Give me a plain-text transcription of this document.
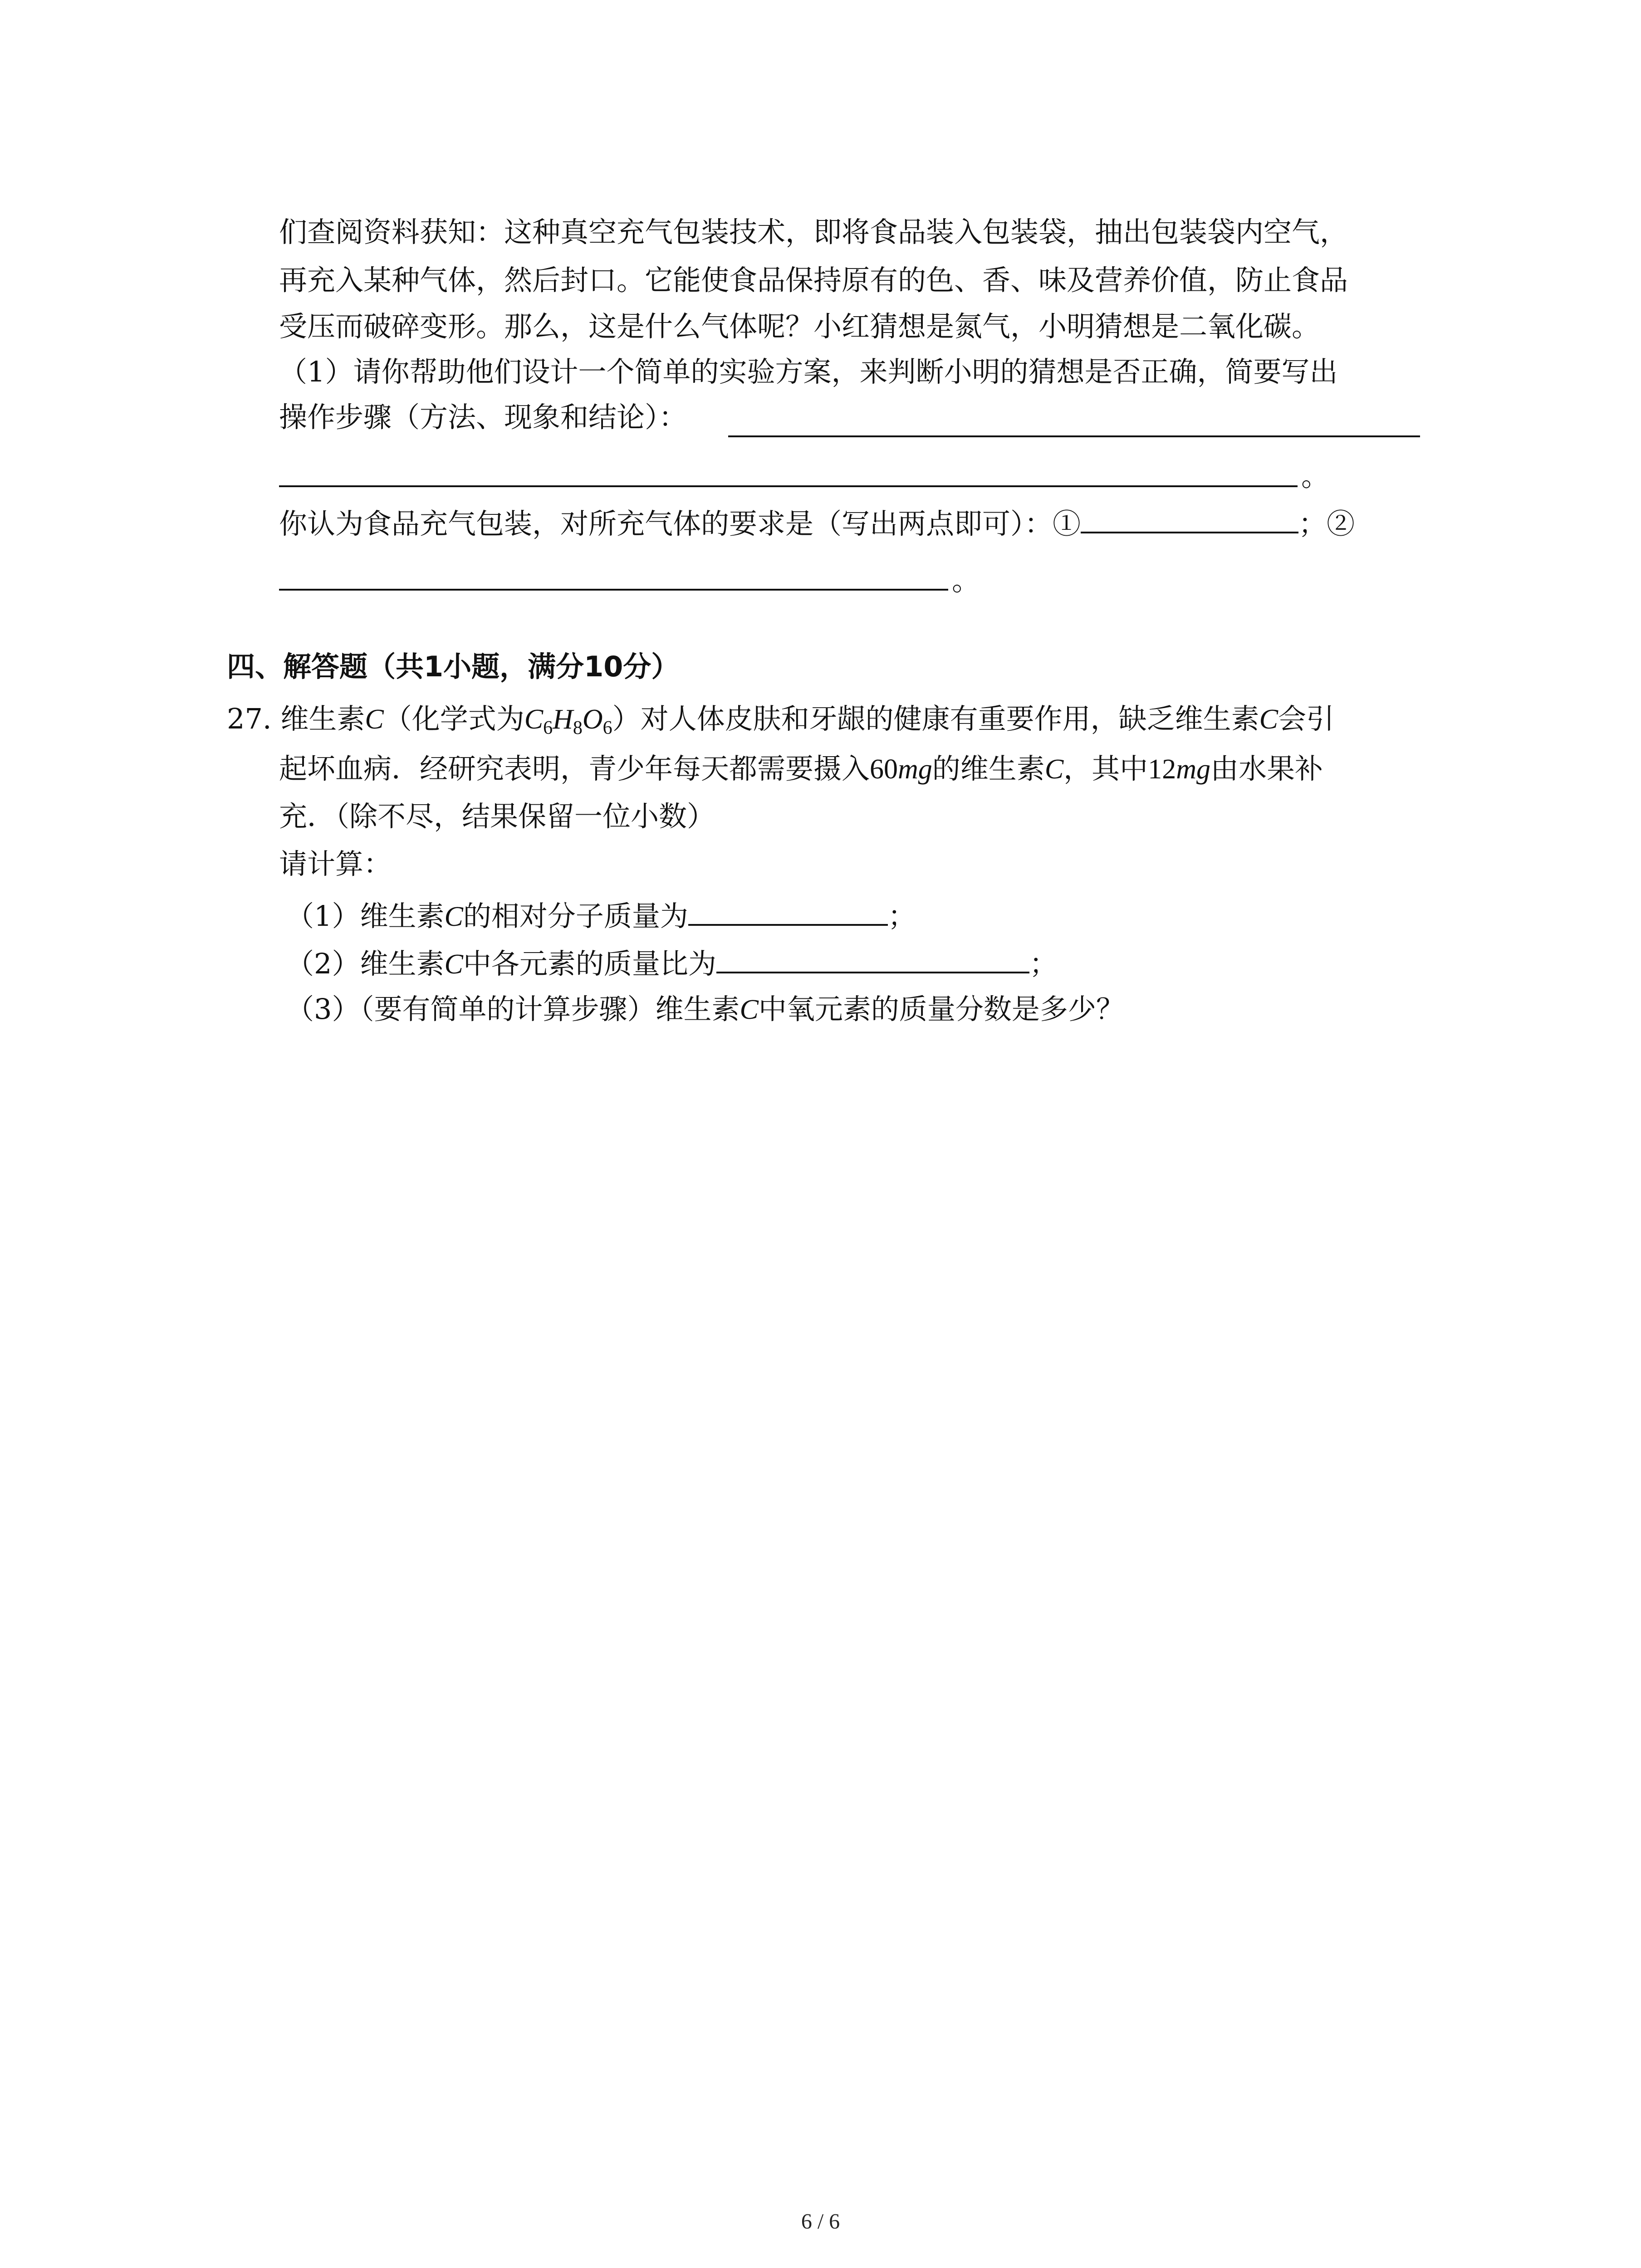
们查阅资料获知：这种真空充气包装技术，即将食品装入包装袋，抽出包装袋内空气，
再充入某种气体，然后封口。它能使食品保持原有的色、香、味及营养价值，防止食品
受压而破碎变形。那么，这是什么气体呢？小红猜想是氮气，小明猜想是二氧化碳。
（1）请你帮助他们设计一个简单的实验方案，来判断小明的猜想是否正确，简要写出
操作步骤（方法、现象和结论）：
。
你认为食品充气包装，对所充气体的要求是（写出两点即可）：①	；②
。
四、解答题（共1小题，满分10分）
27. 维生素C（化学式为$C_6H_8O_6$）对人体皮肤和牙龈的健康有重要作用，缺乏维生素C会引
起坏血病．经研究表明，青少年每天都需要摄入60mg的维生素C，其中12mg由水果补
充．（除不尽，结果保留一位小数）
请计算：
（1）维生素C的相对分子质量为	；
（2）维生素C中各元素的质量比为	；
（3）（要有简单的计算步骤）维生素C中氧元素的质量分数是多少？
6 / 6
